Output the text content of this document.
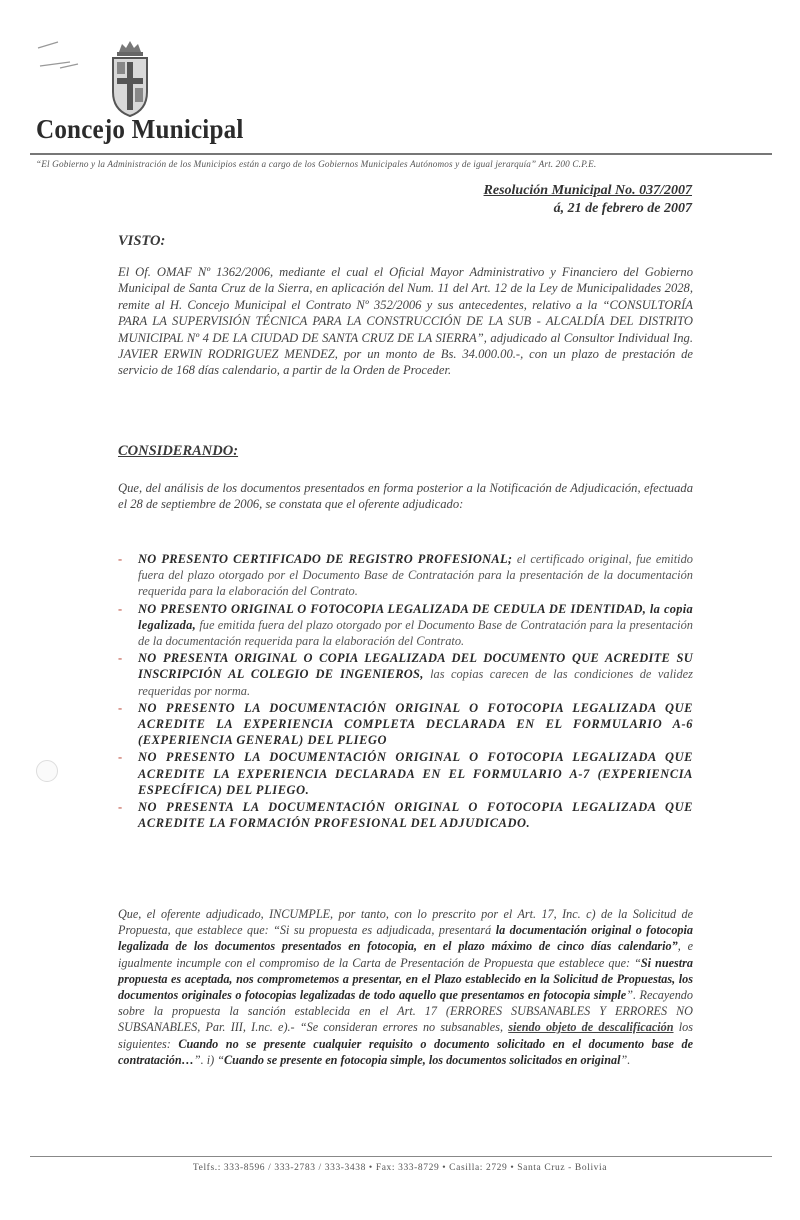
Concejo Municipal
“El Gobierno y la Administración de los Municipios están a cargo de los Gobiernos Municipales Autónomos y de igual jerarquía” Art. 200 C.P.E.
Resolución Municipal No. 037/2007
á, 21 de febrero de 2007
VISTO:
El Of. OMAF Nº 1362/2006, mediante el cual el Oficial Mayor Administrativo y Financiero del Gobierno Municipal de Santa Cruz de la Sierra, en aplicación del Num. 11 del Art. 12 de la Ley de Municipalidades 2028, remite al H. Concejo Municipal el Contrato Nº 352/2006 y sus antecedentes, relativo a la “CONSULTORÍA PARA LA SUPERVISIÓN TÉCNICA PARA LA CONSTRUCCIÓN DE LA SUB - ALCALDÍA DEL DISTRITO MUNICIPAL Nº 4 DE LA CIUDAD DE SANTA CRUZ DE LA SIERRA”, adjudicado al Consultor Individual Ing. JAVIER ERWIN RODRIGUEZ MENDEZ, por un monto de Bs. 34.000.00.-, con un plazo de prestación de servicio de 168 días calendario, a partir de la Orden de Proceder.
CONSIDERANDO:
Que, del análisis de los documentos presentados en forma posterior a la Notificación de Adjudicación, efectuada el 28 de septiembre de 2006, se constata que el oferente adjudicado:
- NO PRESENTO CERTIFICADO DE REGISTRO PROFESIONAL; el certificado original, fue emitido fuera del plazo otorgado por el Documento Base de Contratación para la presentación de la documentación requerida para la elaboración del Contrato.
- NO PRESENTO ORIGINAL O FOTOCOPIA LEGALIZADA DE CEDULA DE IDENTIDAD, la copia legalizada, fue emitida fuera del plazo otorgado por el Documento Base de Contratación para la presentación de la documentación requerida para la elaboración del Contrato.
- NO PRESENTA ORIGINAL O COPIA LEGALIZADA DEL DOCUMENTO QUE ACREDITE SU INSCRIPCIÓN AL COLEGIO DE INGENIEROS, las copias carecen de las condiciones de validez requeridas por norma.
- NO PRESENTO LA DOCUMENTACIÓN ORIGINAL O FOTOCOPIA LEGALIZADA QUE ACREDITE LA EXPERIENCIA COMPLETA DECLARADA EN EL FORMULARIO A-6 (EXPERIENCIA GENERAL) DEL PLIEGO
- NO PRESENTO LA DOCUMENTACIÓN ORIGINAL O FOTOCOPIA LEGALIZADA QUE ACREDITE LA EXPERIENCIA DECLARADA EN EL FORMULARIO A-7 (EXPERIENCIA ESPECÍFICA) DEL PLIEGO.
- NO PRESENTA LA DOCUMENTACIÓN ORIGINAL O FOTOCOPIA LEGALIZADA QUE ACREDITE LA FORMACIÓN PROFESIONAL DEL ADJUDICADO.
Que, el oferente adjudicado, INCUMPLE, por tanto, con lo prescrito por el Art. 17, Inc. c) de la Solicitud de Propuesta, que establece que: “Si su propuesta es adjudicada, presentará la documentación original o fotocopia legalizada de los documentos presentados en fotocopia, en el plazo máximo de cinco días calendario”, e igualmente incumple con el compromiso de la Carta de Presentación de Propuesta que establece que: “Si nuestra propuesta es aceptada, nos comprometemos a presentar, en el Plazo establecido en la Solicitud de Propuestas, los documentos originales o fotocopias legalizadas de todo aquello que presentamos en fotocopia simple”. Recayendo sobre la propuesta la sanción establecida en el Art. 17 (ERRORES SUBSANABLES Y ERRORES NO SUBSANABLES, Par. III, I.nc. e).- “Se consideran errores no subsanables, siendo objeto de descalificación los siguientes: Cuando no se presente cualquier requisito o documento solicitado en el documento base de contratación…”. i) “Cuando se presente en fotocopia simple, los documentos solicitados en original”.
Telfs.: 333-8596 / 333-2783 / 333-3438 • Fax: 333-8729 • Casilla: 2729 • Santa Cruz - Bolivia
